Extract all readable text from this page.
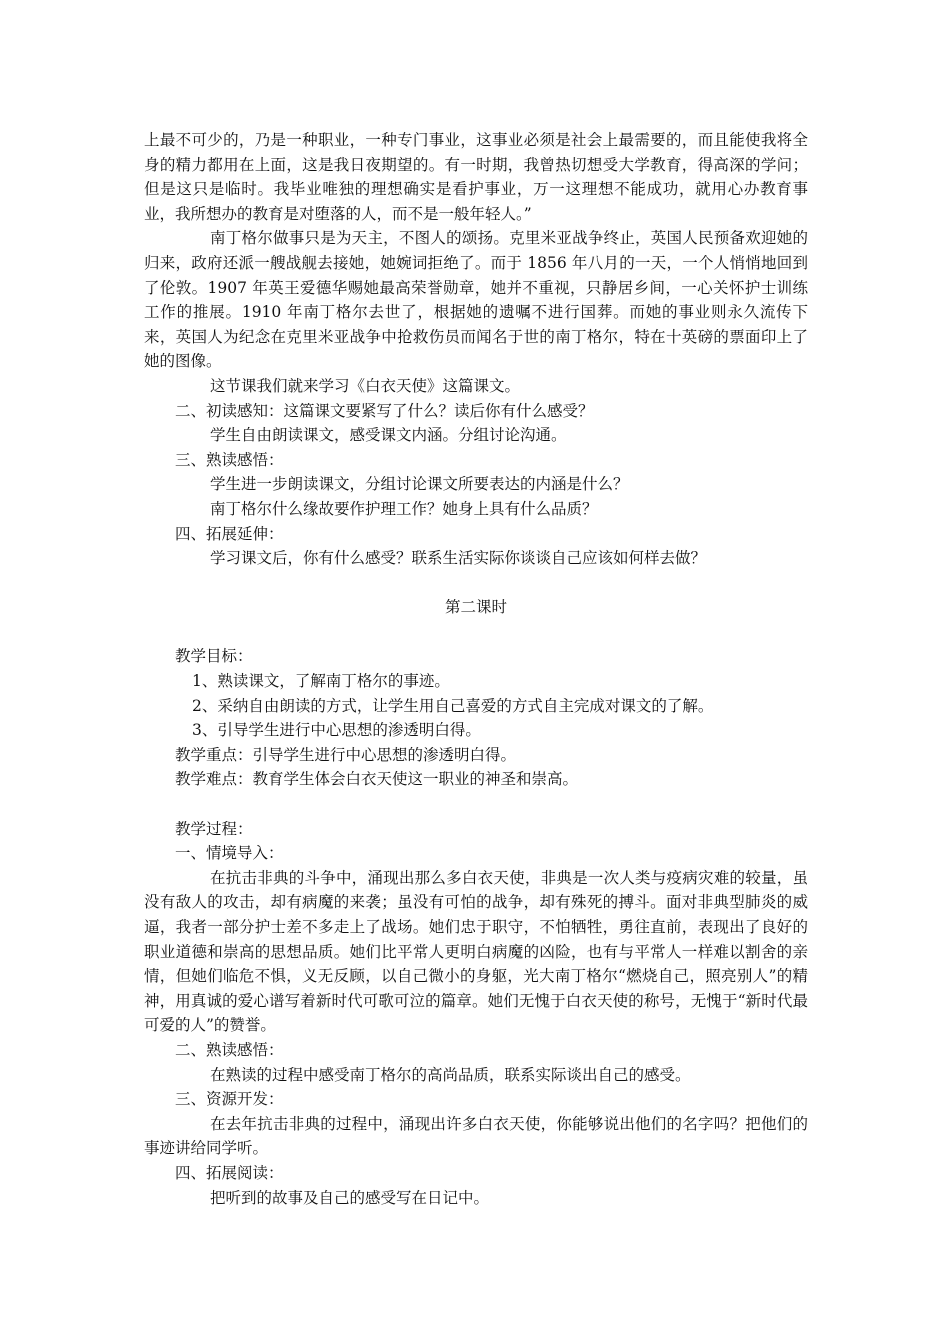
上最不可少的，乃是一种职业，一种专门事业，这事业必须是社会上最需要的，而且能使我将全身的精力都用在上面，这是我日夜期望的。有一时期，我曾热切想受大学教育，得高深的学问；但是这只是临时。我毕业唯独的理想确实是看护事业，万一这理想不能成功，就用心办教育事业，我所想办的教育是对堕落的人，而不是一般年轻人。”

南丁格尔做事只是为天主，不图人的颂扬。克里米亚战争终止，英国人民预备欢迎她的归来，政府还派一艘战舰去接她，她婉词拒绝了。而于 1856 年八月的一天，一个人悄悄地回到了伦敦。1907 年英王爱德华赐她最高荣誉勋章，她并不重视，只静居乡间，一心关怀护士训练工作的推展。1910 年南丁格尔去世了，根据她的遗嘱不进行国葬。而她的事业则永久流传下来，英国人为纪念在克里米亚战争中抢救伤员而闻名于世的南丁格尔，特在十英磅的票面印上了她的图像。

这节课我们就来学习《白衣天使》这篇课文。

二、初读感知：这篇课文要紧写了什么？读后你有什么感受？

学生自由朗读课文，感受课文内涵。分组讨论沟通。

三、熟读感悟：

学生进一步朗读课文，分组讨论课文所要表达的内涵是什么？

南丁格尔什么缘故要作护理工作？她身上具有什么品质？

四、拓展延伸：

学习课文后，你有什么感受？联系生活实际你谈谈自己应该如何样去做？

第二课时

教学目标：

1、熟读课文，了解南丁格尔的事迹。

2、采纳自由朗读的方式，让学生用自己喜爱的方式自主完成对课文的了解。

3、引导学生进行中心思想的渗透明白得。

教学重点：引导学生进行中心思想的渗透明白得。

教学难点：教育学生体会白衣天使这一职业的神圣和崇高。

教学过程：

一、情境导入：

在抗击非典的斗争中，涌现出那么多白衣天使，非典是一次人类与疫病灾难的较量，虽没有敌人的攻击，却有病魔的来袭；虽没有可怕的战争，却有殊死的搏斗。面对非典型肺炎的威逼，我者一部分护士差不多走上了战场。她们忠于职守，不怕牺牲，勇往直前，表现出了良好的职业道德和崇高的思想品质。她们比平常人更明白病魔的凶险，也有与平常人一样难以割舍的亲情，但她们临危不惧，义无反顾，以自己微小的身躯，光大南丁格尔“燃烧自己，照亮别人”的精神，用真诚的爱心谱写着新时代可歌可泣的篇章。她们无愧于白衣天使的称号，无愧于“新时代最可爱的人”的赞誉。

二、熟读感悟：

在熟读的过程中感受南丁格尔的高尚品质，联系实际谈出自己的感受。

三、资源开发：

在去年抗击非典的过程中，涌现出许多白衣天使，你能够说出他们的名字吗？把他们的事迹讲给同学听。

四、拓展阅读：

把听到的故事及自己的感受写在日记中。
